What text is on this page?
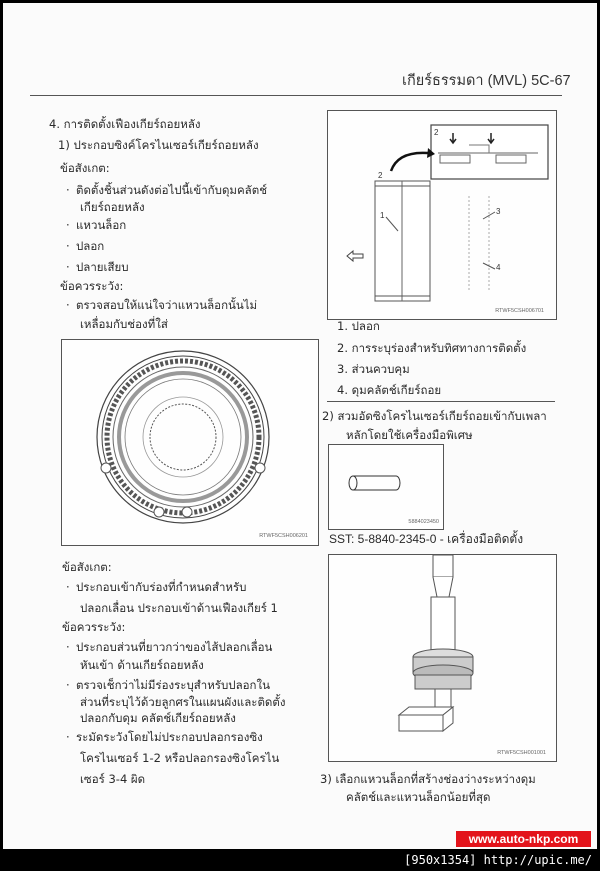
เกียร์ธรรมดา (MVL) 5C-67
4. การติดตั้งเฟืองเกียร์ถอยหลัง
1) ประกอบซิงค์โครไนเซอร์เกียร์ถอยหลัง
ข้อสังเกต:
· ติดตั้งชิ้นส่วนดังต่อไปนี้เข้ากับดุมคลัตช์
เกียร์ถอยหลัง
· แหวนล็อก
· ปลอก
· ปลายเสียบ
ข้อควรระวัง:
· ตรวจสอบให้แน่ใจว่าแหวนล็อกนั้นไม่
เหลื่อมกับช่องที่ใส่
RTWF5CSH006201
ข้อสังเกต:
· ประกอบเข้ากับร่องที่กำหนดสำหรับ
ปลอกเลื่อน ประกอบเข้าด้านเฟืองเกียร์ 1
ข้อควรระวัง:
· ประกอบส่วนที่ยาวกว่าของไส้ปลอกเลื่อน
หันเข้า ด้านเกียร์ถอยหลัง
· ตรวจเช็กว่าไม่มีร่องระบุสำหรับปลอกใน
ส่วนที่ระบุไว้ด้วยลูกศรในแผนผังและติดตั้ง
ปลอกกับดุม คลัตช์เกียร์ถอยหลัง
· ระมัดระวังโดยไม่ประกอบปลอกรองซิง
โครไนเซอร์ 1-2 หรือปลอกรองซิงโครไน
เซอร์ 3-4 ผิด
2
2
1	3
4
RTWF5CSH006701
1. ปลอก
2. การระบุร่องสำหรับทิศทางการติดตั้ง
3. ส่วนควบคุม
4. ดุมคลัตช์เกียร์ถอย
2) สวมอัดซิงโครไนเซอร์เกียร์ถอยเข้ากับเพลา
หลักโดยใช้เครื่องมือพิเศษ
5884023450
SST: 5-8840-2345-0 - เครื่องมือติดตั้ง
RTWF5CSH001001
3) เลือกแหวนล็อกที่สร้างช่องว่างระหว่างดุม
คลัตช์และแหวนล็อกน้อยที่สุด
www.auto-nkp.com
[950x1354] http://upic.me/
